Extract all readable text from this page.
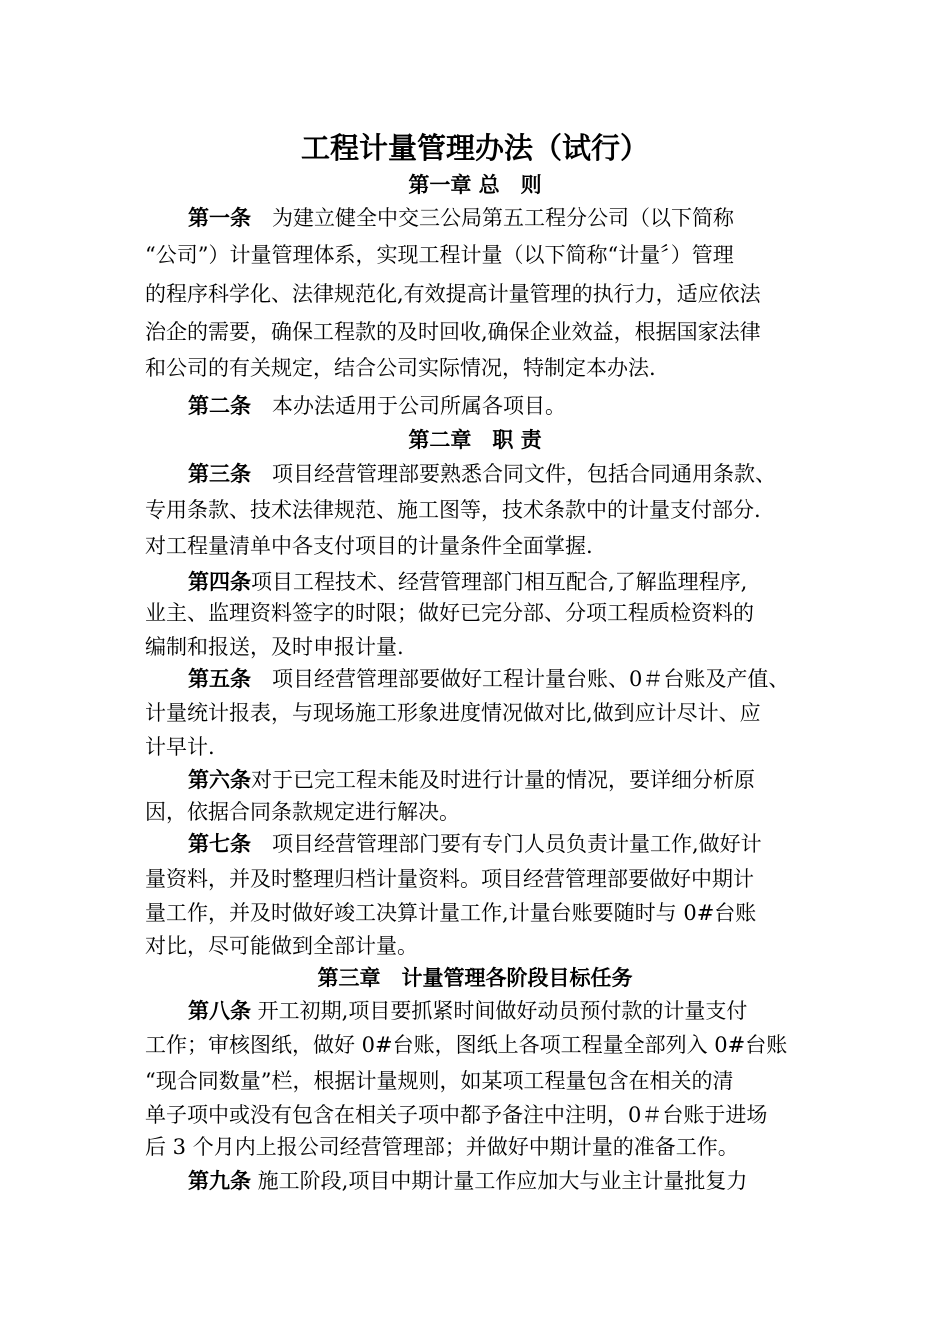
工程计量管理办法（试行）
第一章 总　则
第一条　为建立健全中交三公局第五工程分公司（以下简称
“公司”）计量管理体系，实现工程计量（以下简称“计量〞）管理
的程序科学化、法律规范化,有效提高计量管理的执行力，适应依法
治企的需要，确保工程款的及时回收,确保企业效益，根据国家法律
和公司的有关规定，结合公司实际情况，特制定本办法.
第二条　本办法适用于公司所属各项目。
第二章　职 责
第三条　项目经营管理部要熟悉合同文件，包括合同通用条款、
专用条款、技术法律规范、施工图等，技术条款中的计量支付部分.
对工程量清单中各支付项目的计量条件全面掌握.
第四条项目工程技术、经营管理部门相互配合,了解监理程序,
业主、监理资料签字的时限；做好已完分部、分项工程质检资料的
编制和报送，及时申报计量.
第五条　项目经营管理部要做好工程计量台账、0＃台账及产值、
计量统计报表，与现场施工形象进度情况做对比,做到应计尽计、应
计早计.
第六条对于已完工程未能及时进行计量的情况，要详细分析原
因，依据合同条款规定进行解决。
第七条　项目经营管理部门要有专门人员负责计量工作,做好计
量资料，并及时整理归档计量资料。项目经营管理部要做好中期计
量工作，并及时做好竣工决算计量工作,计量台账要随时与 0#台账
对比，尽可能做到全部计量。
第三章　计量管理各阶段目标任务
第八条 开工初期,项目要抓紧时间做好动员预付款的计量支付
工作；审核图纸，做好 0#台账，图纸上各项工程量全部列入 0#台账
“现合同数量”栏，根据计量规则，如某项工程量包含在相关的清
单子项中或没有包含在相关子项中都予备注中注明，0＃台账于进场
后 3 个月内上报公司经营管理部；并做好中期计量的准备工作。
第九条 施工阶段,项目中期计量工作应加大与业主计量批复力
